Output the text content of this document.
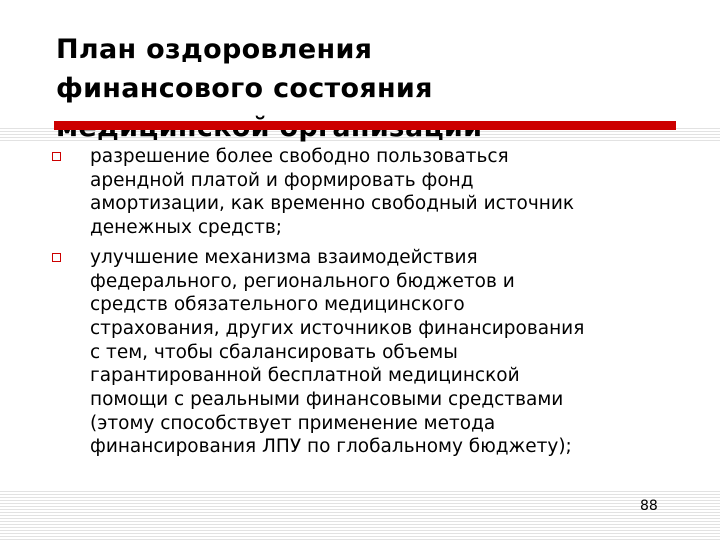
План оздоровления
финансового состояния
разрешение более свободно пользоваться
арендной платой и формировать фонд
амортизации, как временно свободный источник
денежных средств;
улучшение механизма взаимодействия
федерального, регионального бюджетов и
средств обязательного медицинского
страхования, других источников финансирования
с тем, чтобы сбалансировать объемы
гарантированной бесплатной медицинской
помощи с реальными финансовыми средствами
(этому способствует применение метода
финансирования ЛПУ по глобальному бюджету);
88
